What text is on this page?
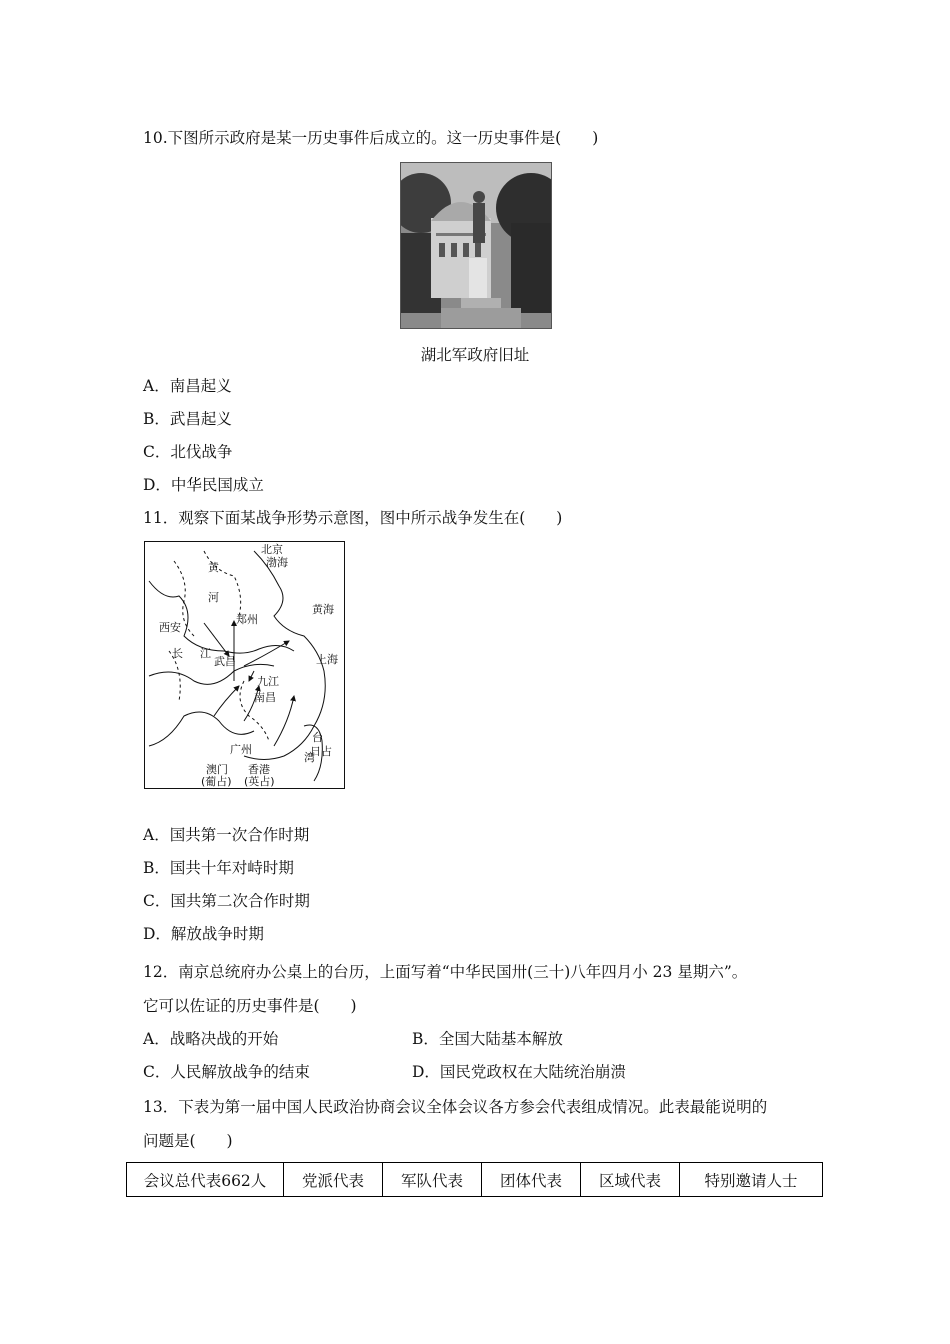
10.下图所示政府是某一历史事件后成立的。这一历史事件是(　　)
湖北军政府旧址
A．南昌起义
B．武昌起义
C．北伐战争
D．中华民国成立
11．观察下面某战争形势示意图，图中所示战争发生在(　　)
北京
渤海
黄
河
黄海
郑州
西安
长 江
武昌	上海
九江
南昌
广州
台
日占
湾
澳门
(葡占)
香港
(英占)
A．国共第一次合作时期
B．国共十年对峙时期
C．国共第二次合作时期
D．解放战争时期
12．南京总统府办公桌上的台历，上面写着“中华民国卅(三十)八年四月小 23 星期六”。
它可以佐证的历史事件是(　　)
A．战略决战的开始	B．全国大陆基本解放
C．人民解放战争的结束	D．国民党政权在大陆统治崩溃
13．下表为第一届中国人民政治协商会议全体会议各方参会代表组成情况。此表最能说明的
问题是(　　)
会议总代表662人	党派代表	军队代表	团体代表	区域代表	特别邀请人士
